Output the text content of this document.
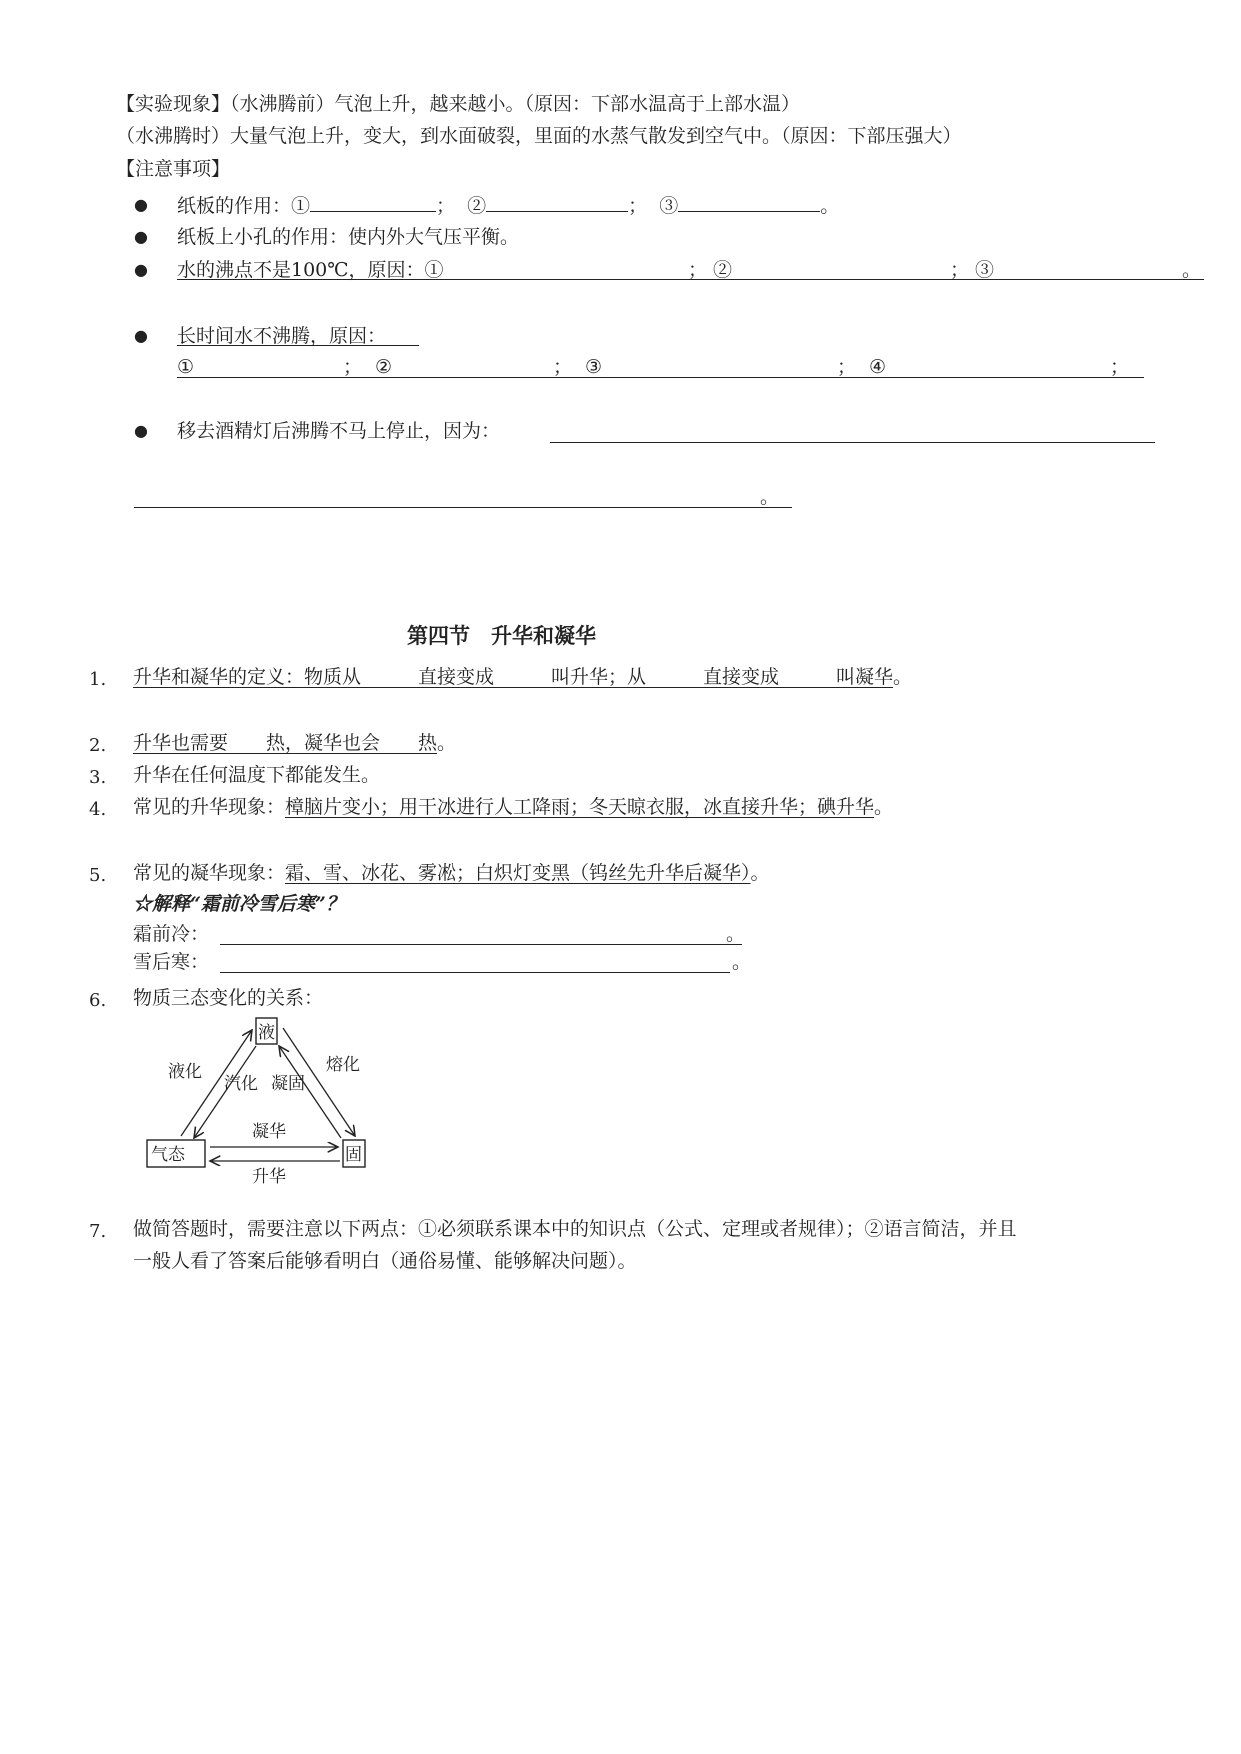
【实验现象】（水沸腾前）气泡上升，越来越小。（原因：下部水温高于上部水温）
（水沸腾时）大量气泡上升，变大，到水面破裂，里面的水蒸气散发到空气中。（原因：下部压强大）
【注意事项】
● 纸板的作用：①	； ②	； ③	。
● 纸板上小孔的作用：使内外大气压平衡。
● 水的沸点不是100℃，原因：①	； ②	； ③	。
● 长时间水不沸腾，原因：
①	； ②	； ③	； ④	；
● 移去酒精灯后沸腾不马上停止，因为：
。
第四节　升华和凝华
1. 升华和凝华的定义：物质从　　　直接变成　　　叫升华；从　　　直接变成　　　叫凝华。
2. 升华也需要　　热，凝华也会　　热。
3. 升华在任何温度下都能发生。
4. 常见的升华现象：樟脑片变小；用干冰进行人工降雨；冬天晾衣服，冰直接升华；碘升华。
5. 常见的凝华现象：霜、雪、冰花、雾凇；白炽灯变黑（钨丝先升华后凝华）。
☆解释“霜前冷雪后寒”？
霜前冷：	。
雪后寒：	。
6. 物质三态变化的关系：
液
气态	固
液化
汽化 凝固
熔化
凝华
升华
7. 做简答题时，需要注意以下两点：①必须联系课本中的知识点（公式、定理或者规律）；②语言简洁，并且
一般人看了答案后能够看明白（通俗易懂、能够解决问题）。
